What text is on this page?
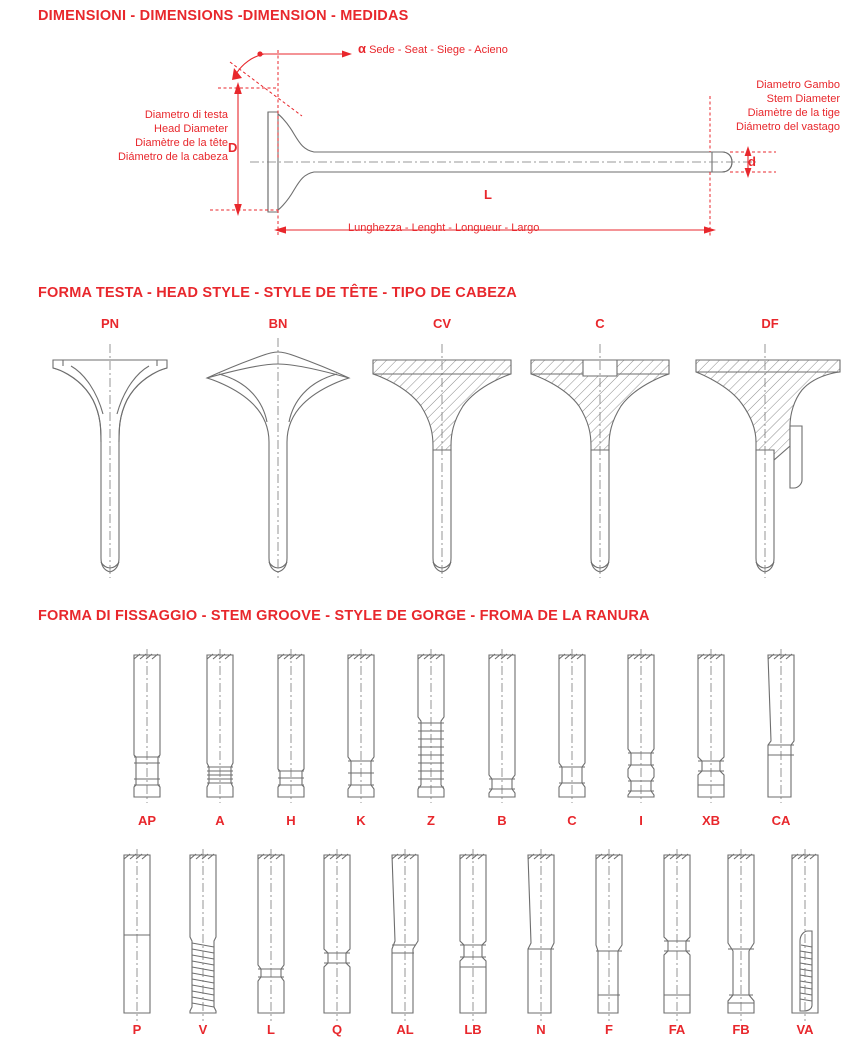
DIMENSIONI - DIMENSIONS -DIMENSION - MEDIDAS
α Sede - Seat - Siege - Acieno
Diametro di testa
Head Diameter
Diamètre de la tête
Diámetro de la cabeza
D
Diametro Gambo
Stem Diameter
Diamètre de la tige
Diámetro del vastago
d
L
Lunghezza - Lenght - Longueur - Largo
FORMA TESTA - HEAD STYLE - STYLE DE TÊTE - TIPO DE CABEZA
PN	BN	CV	C	DF
FORMA DI FISSAGGIO - STEM GROOVE - STYLE DE GORGE - FROMA DE LA RANURA
AP	A	H	K	Z	B	C	I	XB	CA
P	V	L	Q	AL	LB	N	F	FA	FB	VA
